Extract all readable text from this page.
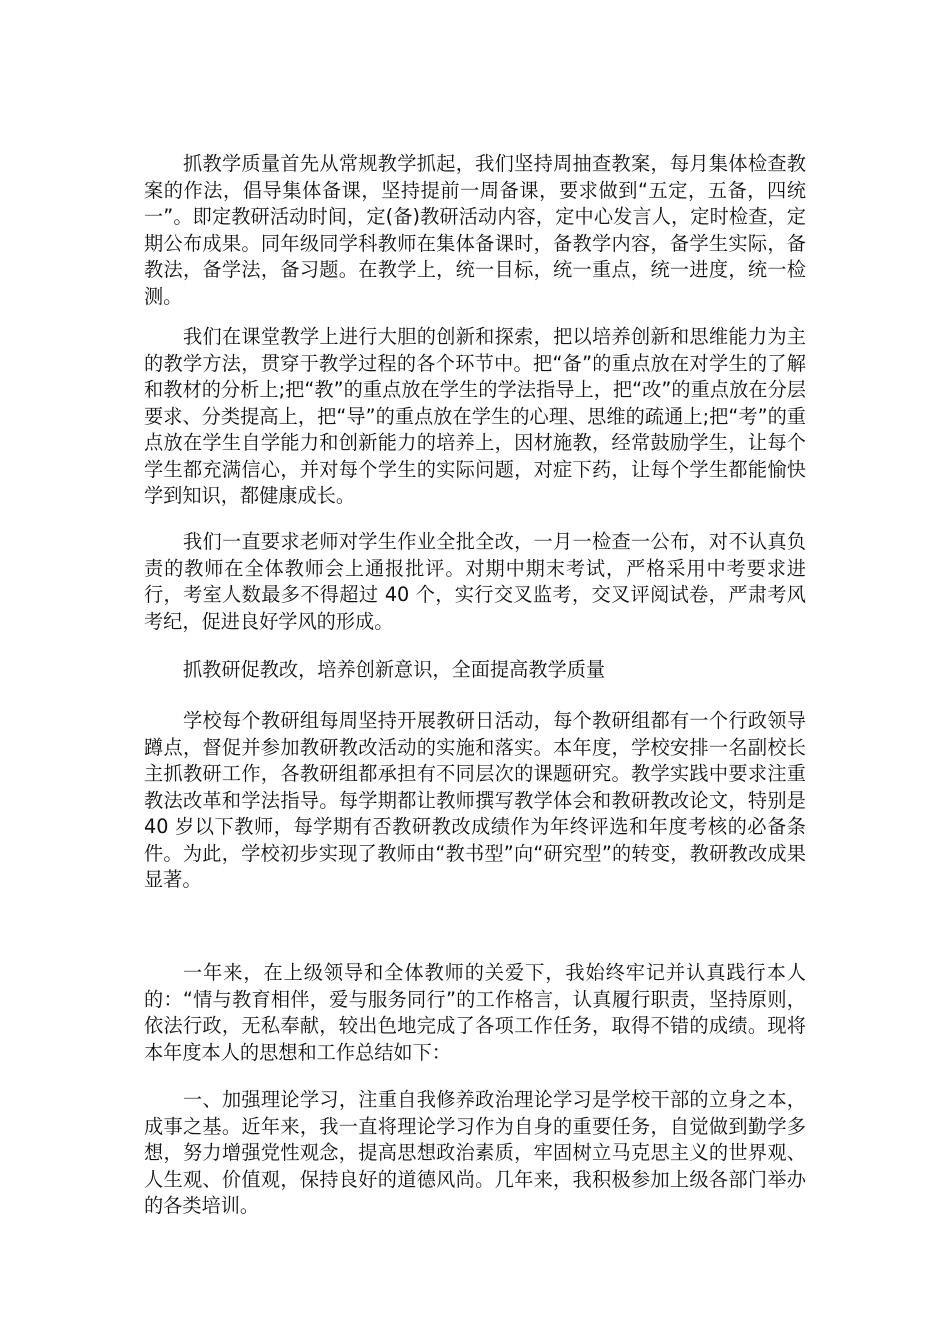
抓教学质量首先从常规教学抓起，我们坚持周抽查教案，每月集体检查教案的作法，倡导集体备课，坚持提前一周备课，要求做到“五定，五备，四统一”。即定教研活动时间，定(备)教研活动内容，定中心发言人，定时检查，定期公布成果。同年级同学科教师在集体备课时，备教学内容，备学生实际，备教法，备学法，备习题。在教学上，统一目标，统一重点，统一进度，统一检测。

我们在课堂教学上进行大胆的创新和探索，把以培养创新和思维能力为主的教学方法，贯穿于教学过程的各个环节中。把“备”的重点放在对学生的了解和教材的分析上;把“教”的重点放在学生的学法指导上，把“改”的重点放在分层要求、分类提高上，把“导”的重点放在学生的心理、思维的疏通上;把“考”的重点放在学生自学能力和创新能力的培养上，因材施教，经常鼓励学生，让每个学生都充满信心，并对每个学生的实际问题，对症下药，让每个学生都能愉快学到知识，都健康成长。

我们一直要求老师对学生作业全批全改，一月一检查一公布，对不认真负责的教师在全体教师会上通报批评。对期中期末考试，严格采用中考要求进行，考室人数最多不得超过 40 个，实行交叉监考，交叉评阅试卷，严肃考风考纪，促进良好学风的形成。

抓教研促教改，培养创新意识，全面提高教学质量

学校每个教研组每周坚持开展教研日活动，每个教研组都有一个行政领导蹲点，督促并参加教研教改活动的实施和落实。本年度，学校安排一名副校长主抓教研工作，各教研组都承担有不同层次的课题研究。教学实践中要求注重教法改革和学法指导。每学期都让教师撰写教学体会和教研教改论文，特别是 40 岁以下教师，每学期有否教研教改成绩作为年终评选和年度考核的必备条件。为此，学校初步实现了教师由“教书型”向“研究型”的转变，教研教改成果显著。

一年来，在上级领导和全体教师的关爱下，我始终牢记并认真践行本人的：“情与教育相伴，爱与服务同行”的工作格言，认真履行职责，坚持原则，依法行政，无私奉献，较出色地完成了各项工作任务，取得不错的成绩。现将本年度本人的思想和工作总结如下：

一、加强理论学习，注重自我修养政治理论学习是学校干部的立身之本，成事之基。近年来，我一直将理论学习作为自身的重要任务，自觉做到勤学多想，努力增强党性观念，提高思想政治素质，牢固树立马克思主义的世界观、人生观、价值观，保持良好的道德风尚。几年来，我积极参加上级各部门举办的各类培训。
